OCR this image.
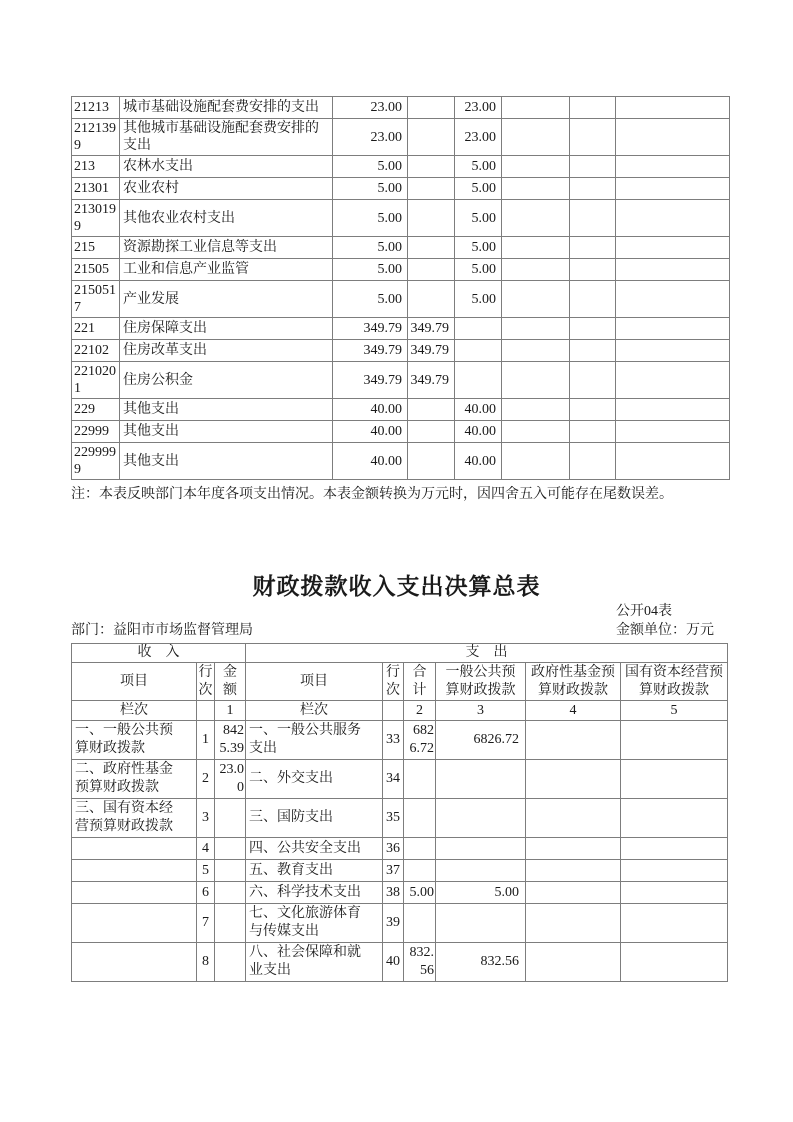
21213	城市基础设施配套费安排的支出	23.00		23.00			
2121399	其他城市基础设施配套费安排的支出	23.00		23.00			
213	农林水支出	5.00		5.00			
21301	农业农村	5.00		5.00			
2130199	其他农业农村支出	5.00		5.00			
215	资源勘探工业信息等支出	5.00		5.00			
21505	工业和信息产业监管	5.00		5.00			
2150517	产业发展	5.00		5.00			
221	住房保障支出	349.79	349.79				
22102	住房改革支出	349.79	349.79				
2210201	住房公积金	349.79	349.79				
229	其他支出	40.00		40.00			
22999	其他支出	40.00		40.00			
2299999	其他支出	40.00		40.00			
注：本表反映部门本年度各项支出情况。本表金额转换为万元时，因四舍五入可能存在尾数误差。
财政拨款收入支出决算总表
公开04表
部门：益阳市市场监督管理局	金额单位：万元
收　入			支　出					
项目	行次	金额	项目	行次	合计	一般公共预算财政拨款	政府性基金预算财政拨款	国有资本经营预算财政拨款
栏次		1	栏次		2	3	4	5
一、一般公共预算财政拨款	1	8425.39	一、一般公共服务支出	33	6826.72	6826.72		
二、政府性基金预算财政拨款	2	23.00	二、外交支出	34				
三、国有资本经营预算财政拨款	3		三、国防支出	35				
	4		四、公共安全支出	36				
	5		五、教育支出	37				
	6		六、科学技术支出	38	5.00	5.00		
	7		七、文化旅游体育与传媒支出	39				
	8		八、社会保障和就业支出	40	832.56	832.56		
